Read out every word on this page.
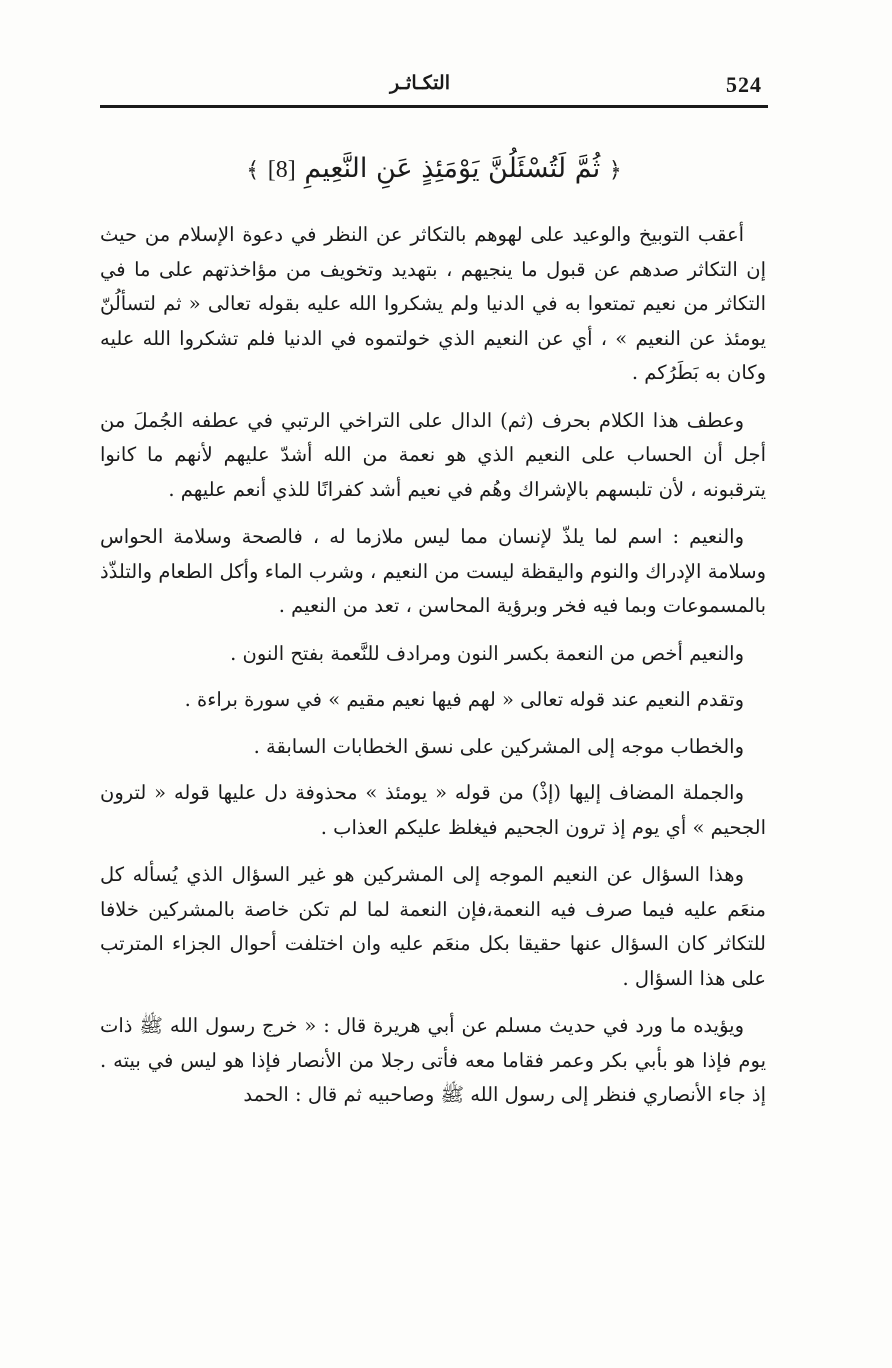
524
التكـاثـر
﴿ ثُمَّ لَتُسْئَلُنَّ يَوْمَئِذٍ عَنِ النَّعِيمِ [8] ﴾

أعقب التوبيخ والوعيد على لهوهم بالتكاثر عن النظر في دعوة الإسلام من حيث إن التكاثر صدهم عن قبول ما ينجيهم ، بتهديد وتخويف من مؤاخذتهم على ما في التكاثر من نعيم تمتعوا به في الدنيا ولم يشكروا الله عليه بقوله تعالى « ثم لتسألُنّ يومئذ عن النعيم » ، أي عن النعيم الذي خولتموه في الدنيا فلم تشكروا الله عليه وكان به بَطَرُكم .

وعطف هذا الكلام بحرف (ثم) الدال على التراخي الرتبي في عطفه الجُملَ من أجل أن الحساب على النعيم الذي هو نعمة من الله أشدّ عليهم لأنهم ما كانوا يترقبونه ، لأن تلبسهم بالإشراك وهُم في نعيم أشد كفرانًا للذي أنعم عليهم .

والنعيم : اسم لما يلذّ لإنسان مما ليس ملازما له ، فالصحة وسلامة الحواس وسلامة الإدراك والنوم واليقظة ليست من النعيم ، وشرب الماء وأكل الطعام والتلذّذ بالمسموعات وبما فيه فخر وبرؤية المحاسن ، تعد من النعيم .

والنعيم أخص من النعمة بكسر النون ومرادف للنَّعمة بفتح النون .

وتقدم النعيم عند قوله تعالى « لهم فيها نعيم مقيم » في سورة براءة .

والخطاب موجه إلى المشركين على نسق الخطابات السابقة .

والجملة المضاف إليها (إذْ) من قوله « يومئذ » محذوفة دل عليها قوله « لترون الجحيم » أي يوم إذ ترون الجحيم فيغلظ عليكم العذاب .

وهذا السؤال عن النعيم الموجه إلى المشركين هو غير السؤال الذي يُسأله كل منعَم عليه فيما صرف فيه النعمة،فإن النعمة لما لم تكن خاصة بالمشركين خلافا للتكاثر كان السؤال عنها حقيقا بكل منعَم عليه وان اختلفت أحوال الجزاء المترتب على هذا السؤال .

ويؤيده ما ورد في حديث مسلم عن أبي هريرة قال : « خرج رسول الله ﷺ ذات يوم فإذا هو بأبي بكر وعمر فقاما معه فأتى رجلا من الأنصار فإذا هو ليس في بيته . إذ جاء الأنصاري فنظر إلى رسول الله ﷺ وصاحبيه ثم قال : الحمد
